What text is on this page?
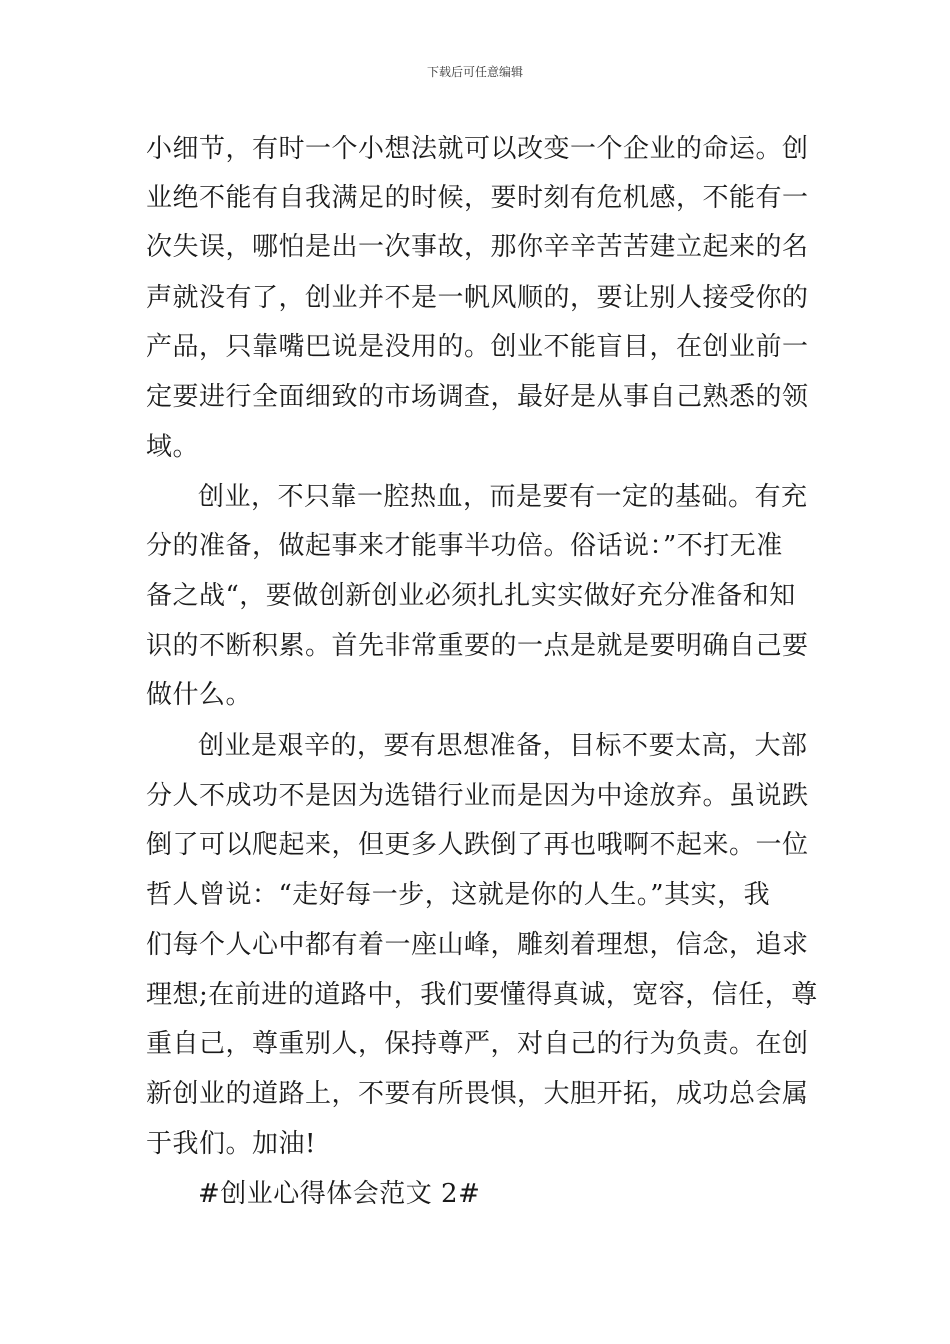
下载后可任意编辑
小细节，有时一个小想法就可以改变一个企业的命运。创
业绝不能有自我满足的时候，要时刻有危机感，不能有一
次失误，哪怕是出一次事故，那你辛辛苦苦建立起来的名
声就没有了，创业并不是一帆风顺的，要让别人接受你的
产品，只靠嘴巴说是没用的。创业不能盲目，在创业前一
定要进行全面细致的市场调查，最好是从事自己熟悉的领
域。
创业，不只靠一腔热血，而是要有一定的基础。有充
分的准备，做起事来才能事半功倍。俗话说：”不打无准
备之战“，要做创新创业必须扎扎实实做好充分准备和知
识的不断积累。首先非常重要的一点是就是要明确自己要
做什么。
创业是艰辛的，要有思想准备，目标不要太高，大部
分人不成功不是因为选错行业而是因为中途放弃。虽说跌
倒了可以爬起来，但更多人跌倒了再也哦啊不起来。一位
哲人曾说：“走好每一步，这就是你的人生。”其实，我
们每个人心中都有着一座山峰，雕刻着理想，信念，追求
理想;在前进的道路中，我们要懂得真诚，宽容，信任，尊
重自己，尊重别人，保持尊严，对自己的行为负责。在创
新创业的道路上，不要有所畏惧，大胆开拓，成功总会属
于我们。加油!
#创业心得体会范文 2#
